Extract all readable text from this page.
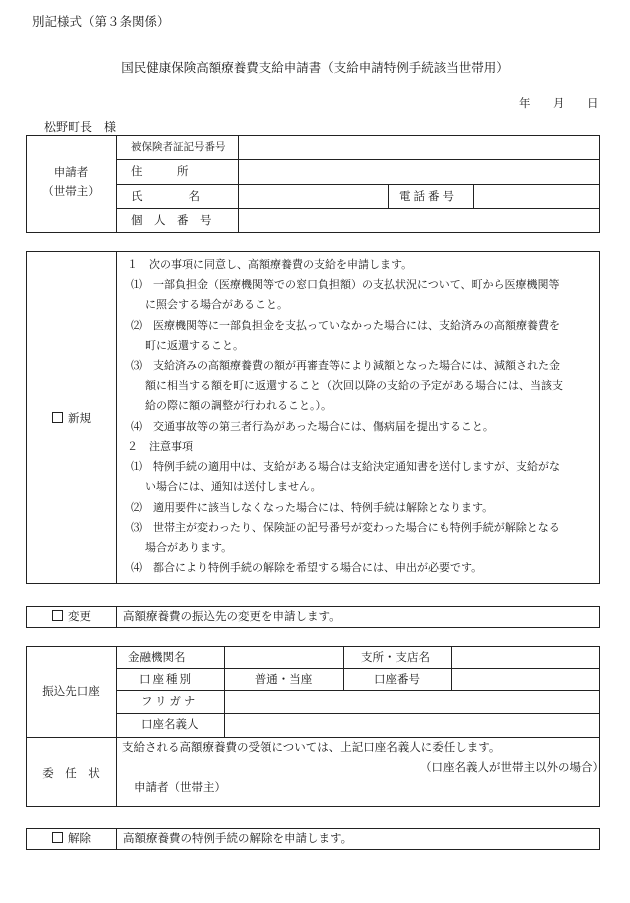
別記様式（第３条関係）
国民健康保険高額療養費支給申請書（支給申請特例手続該当世帯用）
年 月 日
松野町長　様
申請者
（世帯主）
被保険者証記号番号
住　　　所
氏　　　　名	電話番号
個　人　番　号
新規
１　次の事項に同意し、高額療養費の支給を申請します。
⑴　一部負担金（医療機関等での窓口負担額）の支払状況について、町から医療機関等
に照会する場合があること。
⑵　医療機関等に一部負担金を支払っていなかった場合には、支給済みの高額療養費を
町に返還すること。
⑶　支給済みの高額療養費の額が再審査等により減額となった場合には、減額された金
額に相当する額を町に返還すること（次回以降の支給の予定がある場合には、当該支
給の際に額の調整が行われること。）。
⑷　交通事故等の第三者行為があった場合には、傷病届を提出すること。
２　注意事項
⑴　特例手続の適用中は、支給がある場合は支給決定通知書を送付しますが、支給がな
い場合には、通知は送付しません。
⑵　適用要件に該当しなくなった場合には、特例手続は解除となります。
⑶　世帯主が変わったり、保険証の記号番号が変わった場合にも特例手続が解除となる
場合があります。
⑷　都合により特例手続の解除を希望する場合には、申出が必要です。
変更	高額療養費の振込先の変更を申請します。
振込先口座
金融機関名	支所・支店名
口座種別	普通・当座	口座番号
フリガナ
口座名義人
委　任　状
支給される高額療養費の受領については、上記口座名義人に委任します。
（口座名義人が世帯主以外の場合）
申請者（世帯主）
解除	高額療養費の特例手続の解除を申請します。
